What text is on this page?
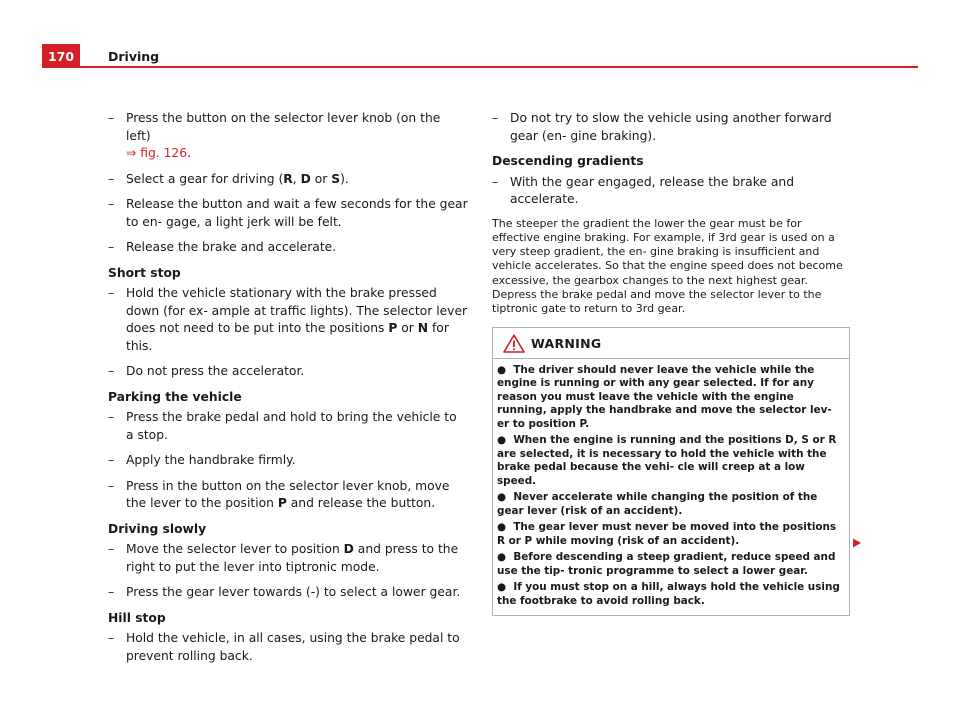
170	Driving
– Press the button on the selector lever knob (on the left)
⇒ fig. 126.
– Select a gear for driving (R, D or S).
– Release the button and wait a few seconds for the gear to en- gage, a light jerk will be felt.
– Release the brake and accelerate.
Short stop
– Hold the vehicle stationary with the brake pressed down (for ex- ample at traffic lights). The selector lever does not need to be put into the positions P or N for this.
– Do not press the accelerator.
Parking the vehicle
– Press the brake pedal and hold to bring the vehicle to a stop.
– Apply the handbrake firmly.
– Press in the button on the selector lever knob, move the lever to the position P and release the button.
Driving slowly
– Move the selector lever to position D and press to the right to put the lever into tiptronic mode.
– Press the gear lever towards (-) to select a lower gear.
Hill stop
– Hold the vehicle, in all cases, using the brake pedal to prevent rolling back.
– Do not try to slow the vehicle using another forward gear (en- gine braking).
Descending gradients
– With the gear engaged, release the brake and accelerate.

The steeper the gradient the lower the gear must be for effective engine braking. For example, if 3rd gear is used on a very steep gradient, the en- gine braking is insufficient and vehicle accelerates. So that the engine speed does not become excessive, the gearbox changes to the next highest gear. Depress the brake pedal and move the selector lever to the tiptronic gate to return to 3rd gear.

WARNING
● The driver should never leave the vehicle while the engine is running or with any gear selected. If for any reason you must leave the vehicle with the engine running, apply the handbrake and move the selector lev- er to position P.
● When the engine is running and the positions D, S or R are selected, it is necessary to hold the vehicle with the brake pedal because the vehi- cle will creep at a low speed.
● Never accelerate while changing the position of the gear lever (risk of an accident).
● The gear lever must never be moved into the positions R or P while moving (risk of an accident).
● Before descending a steep gradient, reduce speed and use the tip- tronic programme to select a lower gear.
● If you must stop on a hill, always hold the vehicle using the footbrake to avoid rolling back.
